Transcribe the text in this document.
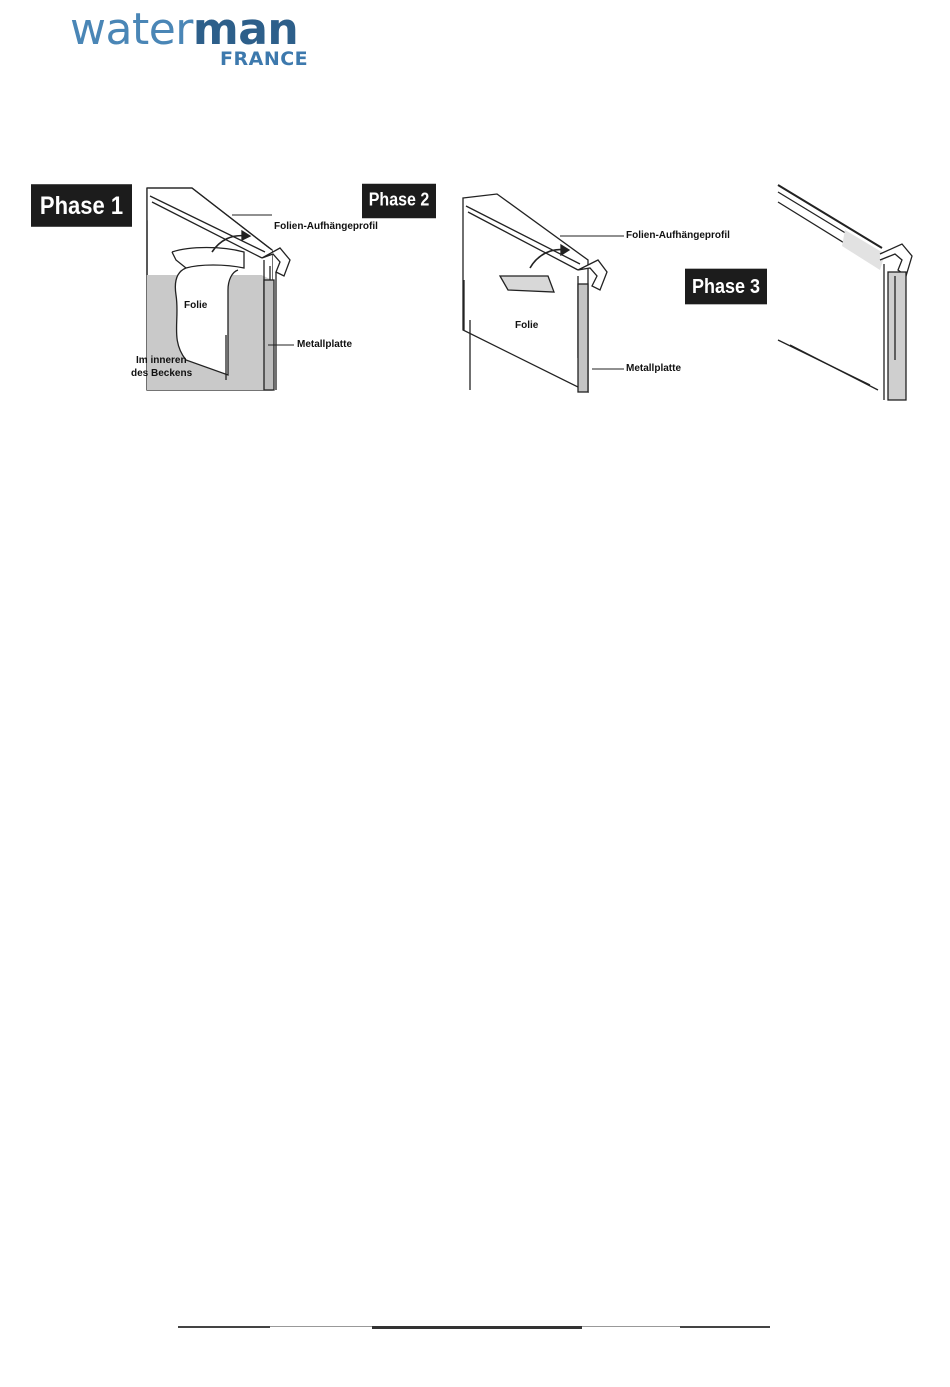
waterman
FRANCE
Phase 1	Phase 2
Phase 3
Folien-Aufhängeprofil
Folie
Metallplatte
Im inneren
des Beckens
Folien-Aufhängeprofil
Folie
Metallplatte
